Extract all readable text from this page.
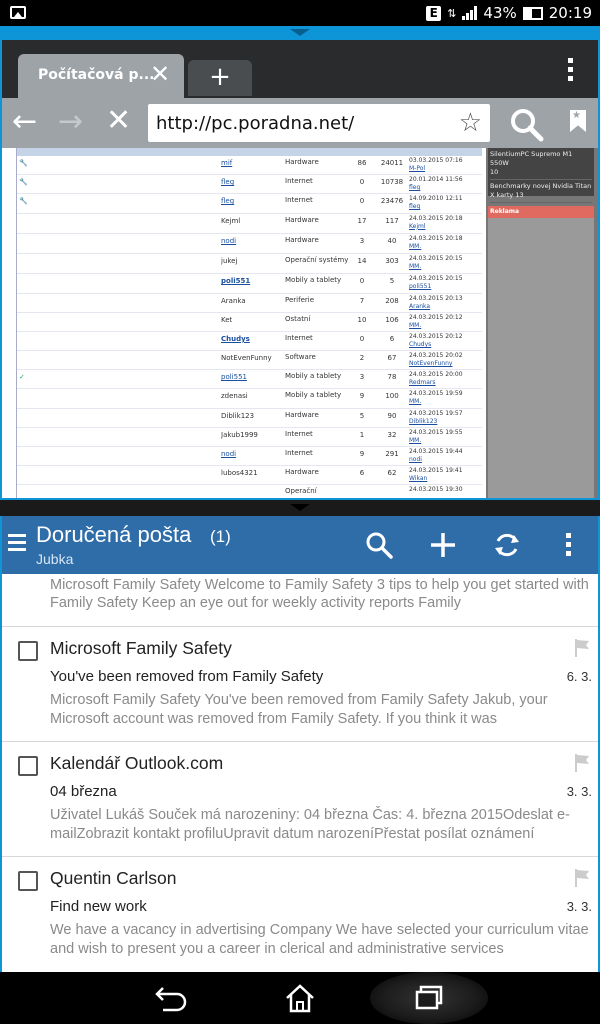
E ⇅ 43% 20:19
Počítačová p...
✕	+
← → ✕ http://pc.poradna.net/	☆
★
🔧	mif	Hardware	86	24011 03.03.2015 07:16
M-Pol
🔧	fleg	Internet	0	10738 20.01.2014 11:56
fleg
🔧	fleg	Internet	0	23476 14.09.2010 12:11
fleg
Kejml	Hardware	17	117	24.03.2015 20:18
Kejml
nodi	Hardware	3	40	24.03.2015 20:18
MM.
jukej	Operační systémy	14	303	24.03.2015 20:15
MM.
poli551	Mobily a tablety	0	5	24.03.2015 20:15
poli551
Aranka	Periferie	7	208	24.03.2015 20:13
Aranka
Ket	Ostatní	10	106	24.03.2015 20:12
MM.
Chudys	Internet	0	6	24.03.2015 20:12
Chudys
NotEvenFunny	Software	2	67	24.03.2015 20:02
NotEvenFunny
✓	poli551	Mobily a tablety	3	78	24.03.2015 20:00
Redmars
zdenasi	Mobily a tablety	9	100	24.03.2015 19:59
MM.
Diblik123	Hardware	5	90	24.03.2015 19:57
Diblik123
Jakub1999	Internet	1	32	24.03.2015 19:55
MM.
nodi	Internet	9	291	24.03.2015 19:44
nodi
lubos4321	Hardware	6	62	24.03.2015 19:41
Wikan
Operační	24.03.2015 19:30
SilentiumPC Supremo M1 550W
10
Benchmarky novej Nvidia Titan X karty 13
Reklama
Doručená pošta (1)
Jubka
Microsoft Family Safety Welcome to Family Safety 3 tips to help you get started with Family Safety Keep an eye out for weekly activity reports Family
Microsoft Family Safety
You've been removed from Family Safety	6. 3.
Microsoft Family Safety You've been removed from Family Safety Jakub, your Microsoft account was removed from Family Safety. If you think it was
Kalendář Outlook.com
04 března	3. 3.
Uživatel Lukáš Souček má narozeniny: 04 března Čas: 4. března 2015Odeslat e-mailZobrazit kontakt profiluUpravit datum narozeníPřestat posílat oznámení
Quentin Carlson
Find new work	3. 3.
We have a vacancy in advertising Company We have selected your curriculum vitae and wish to present you a career in clerical and administrative services
